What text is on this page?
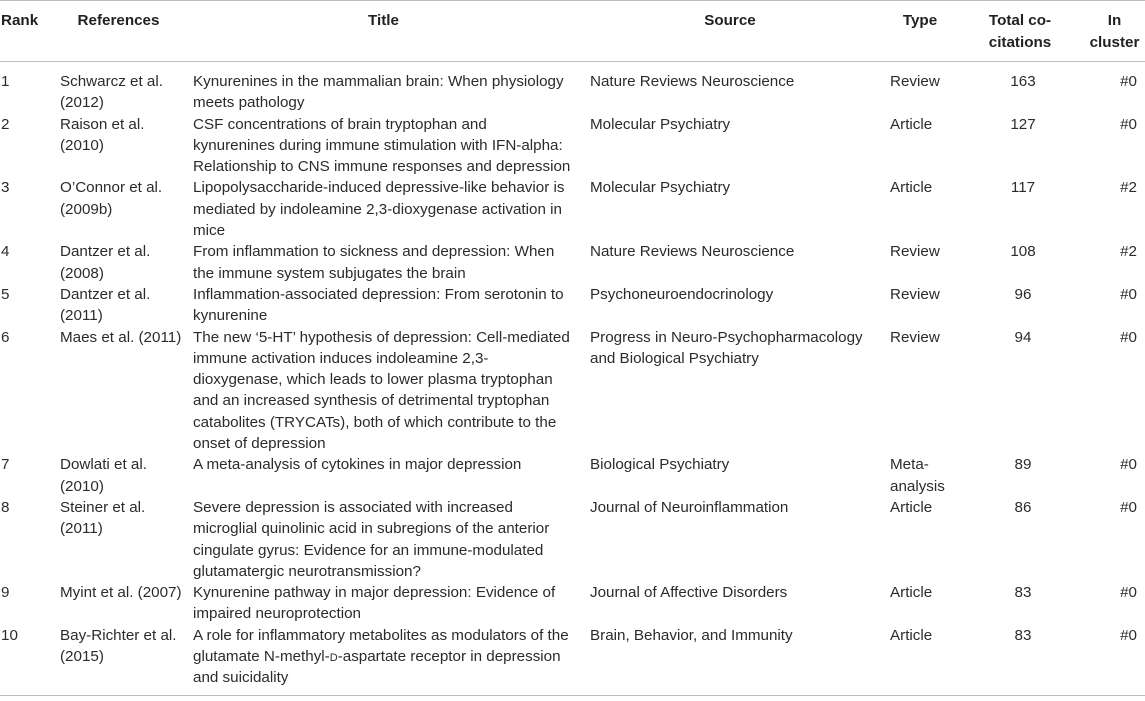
Rank	References	Title	Source	Type	Total co-citations	In cluster
1	Schwarcz et al. (2012)	Kynurenines in the mammalian brain: When physiology meets pathology	Nature Reviews Neuroscience	Review	163	#0
2	Raison et al. (2010)	CSF concentrations of brain tryptophan and kynurenines during immune stimulation with IFN-alpha: Relationship to CNS immune responses and depression	Molecular Psychiatry	Article	127	#0
3	O’Connor et al. (2009b)	Lipopolysaccharide-induced depressive-like behavior is mediated by indoleamine 2,3-dioxygenase activation in mice	Molecular Psychiatry	Article	117	#2
4	Dantzer et al. (2008)	From inflammation to sickness and depression: When the immune system subjugates the brain	Nature Reviews Neuroscience	Review	108	#2
5	Dantzer et al. (2011)	Inflammation-associated depression: From serotonin to kynurenine	Psychoneuroendocrinology	Review	96	#0
6	Maes et al. (2011)	The new ‘5-HT’ hypothesis of depression: Cell-mediated immune activation induces indoleamine 2,3-dioxygenase, which leads to lower plasma tryptophan and an increased synthesis of detrimental tryptophan catabolites (TRYCATs), both of which contribute to the onset of depression	Progress in Neuro-Psychopharmacology and Biological Psychiatry	Review	94	#0
7	Dowlati et al. (2010)	A meta-analysis of cytokines in major depression	Biological Psychiatry	Meta-analysis	89	#0
8	Steiner et al. (2011)	Severe depression is associated with increased microglial quinolinic acid in subregions of the anterior cingulate gyrus: Evidence for an immune-modulated glutamatergic neurotransmission?	Journal of Neuroinflammation	Article	86	#0
9	Myint et al. (2007)	Kynurenine pathway in major depression: Evidence of impaired neuroprotection	Journal of Affective Disorders	Article	83	#0
10	Bay-Richter et al. (2015)	A role for inflammatory metabolites as modulators of the glutamate N-methyl-d-aspartate receptor in depression and suicidality	Brain, Behavior, and Immunity	Article	83	#0
